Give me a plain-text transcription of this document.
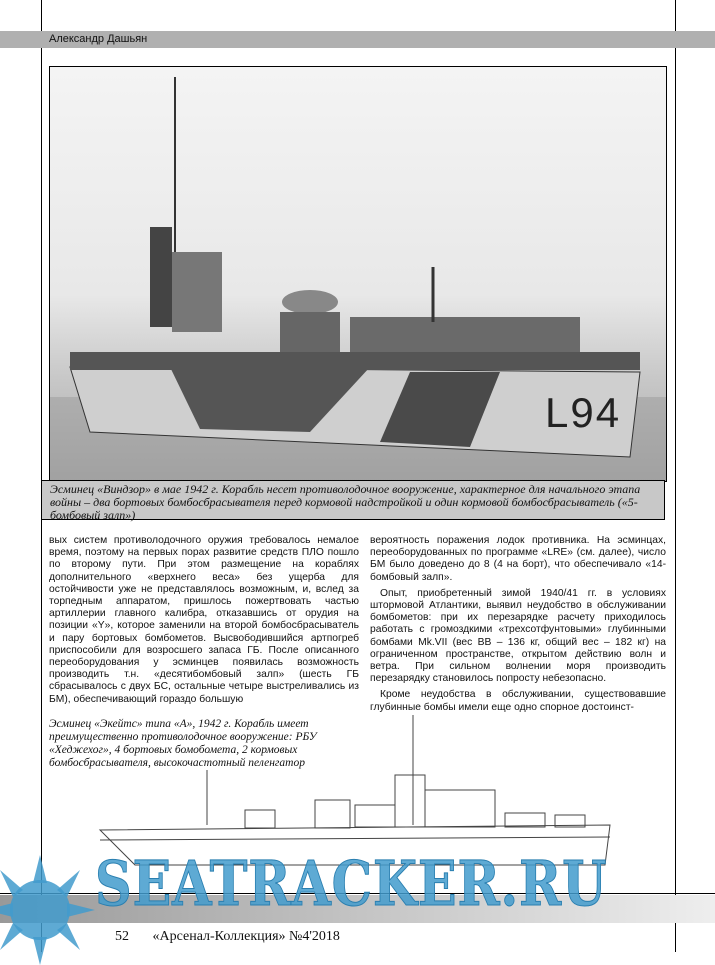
Александр Дашьян
L94
Эсминец «Виндзор» в мае 1942 г. Корабль несет противолодочное вооружение, характерное для начального этапа войны – два бортовых бомбосбрасывателя перед кормовой надстройкой и один кормовой бомбосбрасыватель («5-бомбовый залп»)

вых систем противолодочного оружия требовалось немалое время, поэтому на первых порах развитие средств ПЛО пошло по второму пути. При этом размещение на кораблях дополнительного «верхнего веса» без ущерба для остойчивости уже не представлялось возможным, и, вслед за торпедным аппаратом, пришлось пожертвовать частью артиллерии главного калибра, отказавшись от орудия на позиции «Y», которое заменили на второй бомбосбрасыватель и пару бортовых бомбометов. Высвободившийся артпогреб приспособили для возросшего запаса ГБ. После описанного переоборудования у эсминцев появилась возможность производить т.н. «десятибомбовый залп» (шесть ГБ сбрасывалось с двух БС, остальные четыре выстреливались из БМ), обеспечивающий гораздо большую

вероятность поражения лодок противника. На эсминцах, переоборудованных по программе «LRE» (см. далее), число БМ было доведено до 8 (4 на борт), что обеспечивало «14-бомбовый залп».

Опыт, приобретенный зимой 1940/41 гг. в условиях штормовой Атлантики, выявил неудобство в обслуживании бомбометов: при их перезарядке расчету приходилось работать с громоздкими «трехсотфунтовыми» глубинными бомбами Mk.VII (вес ВВ – 136 кг, общий вес – 182 кг) на ограниченном пространстве, открытом действию волн и ветра. При сильном волнении моря производить перезарядку становилось попросту небезопасно.

Кроме неудобства в обслуживании, существовавшие глубинные бомбы имели еще одно спорное достоинст-

Эсминец «Экейтс» типа «А», 1942 г. Корабль имеет преимущественно противолодочное вооружение: РБУ «Хеджехог», 4 бортовых бомобомета, 2 кормовых бомбосбрасывателя, высокочастотный пеленгатор
SEATRACKER.RU
52 «Арсенал-Коллекция» №4'2018
